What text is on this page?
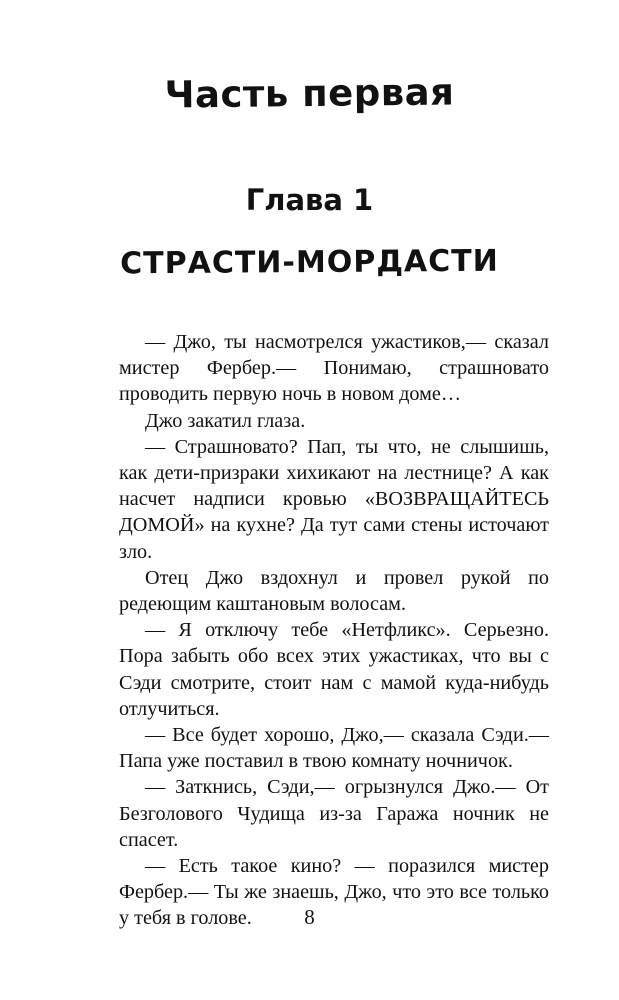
Часть первая
Глава 1
СТРАСТИ-МОРДАСТИ

— Джо, ты насмотрелся ужастиков,— сказал мистер Фербер.— Понимаю, страшновато проводить первую ночь в новом доме…

Джо закатил глаза.

— Страшновато? Пап, ты что, не слышишь, как дети-призраки хихикают на лестнице? А как насчет надписи кровью «ВОЗВРАЩАЙТЕСЬ ДОМОЙ» на кухне? Да тут сами стены источают зло.

Отец Джо вздохнул и провел рукой по редеющим каштановым волосам.

— Я отключу тебе «Нетфликс». Серьезно. Пора забыть обо всех этих ужастиках, что вы с Сэди смотрите, стоит нам с мамой куда-нибудь отлучиться.

— Все будет хорошо, Джо,— сказала Сэди.— Папа уже поставил в твою комнату ночничок.

— Заткнись, Сэди,— огрызнулся Джо.— От Безголового Чудища из-за Гаража ночник не спасет.

— Есть такое кино? — поразился мистер Фербер.— Ты же знаешь, Джо, что это все только у тебя в голове.	8
